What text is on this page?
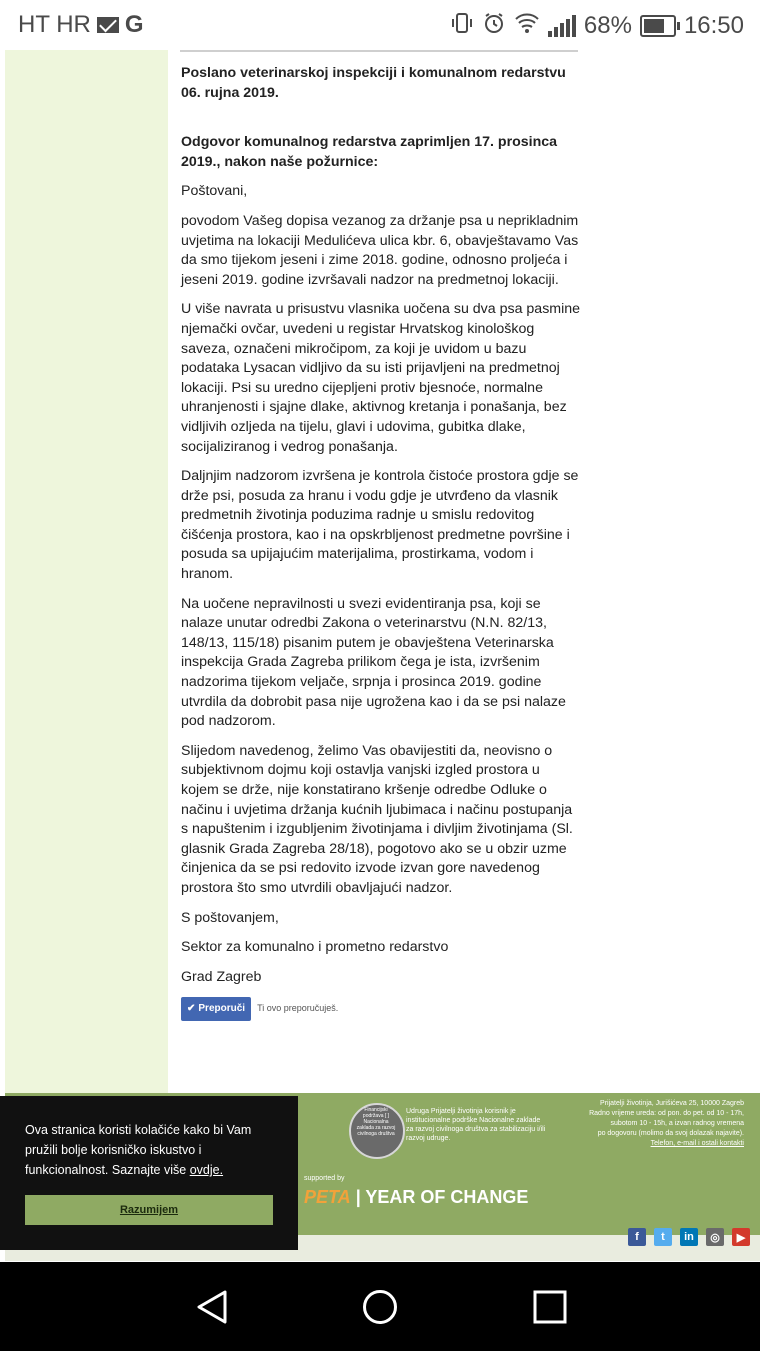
HT HR G	68% 16:50

Poslano veterinarskoj inspekciji i komunalnom redarstvu 06. rujna 2019.

Odgovor komunalnog redarstva zaprimljen 17. prosinca 2019., nakon naše požurnice:

Poštovani,

povodom Vašeg dopisa vezanog za držanje psa u neprikladnim uvjetima na lokaciji Medulićeva ulica kbr. 6, obavještavamo Vas da smo tijekom jeseni i zime 2018. godine, odnosno proljeća i jeseni 2019. godine izvršavali nadzor na predmetnoj lokaciji.

U više navrata u prisustvu vlasnika uočena su dva psa pasmine njemački ovčar, uvedeni u registar Hrvatskog kinološkog saveza, označeni mikročipom, za koji je uvidom u bazu podataka Lysacan vidljivo da su isti prijavljeni na predmetnoj lokaciji. Psi su uredno cijepljeni protiv bjesnoće, normalne uhranjenosti i sjajne dlake, aktivnog kretanja i ponašanja, bez vidljivih ozljeda na tijelu, glavi i udovima, gubitka dlake, socijaliziranog i vedrog ponašanja.

Daljnjim nadzorom izvršena je kontrola čistoće prostora gdje se drže psi, posuda za hranu i vodu gdje je utvrđeno da vlasnik predmetnih životinja poduzima radnje u smislu redovitog čišćenja prostora, kao i na opskrbljenost predmetne površine i posuda sa upijajućim materijalima, prostirkama, vodom i hranom.

Na uočene nepravilnosti u svezi evidentiranja psa, koji se nalaze unutar odredbi Zakona o veterinarstvu (N.N. 82/13, 148/13, 115/18) pisanim putem je obavještena Veterinarska inspekcija Grada Zagreba prilikom čega je ista, izvršenim nadzorima tijekom veljače, srpnja i prosinca 2019. godine utvrdila da dobrobit pasa nije ugrožena kao i da se psi nalaze pod nadzorom.

Slijedom navedenog, želimo Vas obavijestiti da, neovisno o subjektivnom dojmu koji ostavlja vanjski izgled prostora u kojem se drže, nije konstatirano kršenje odredbe Odluke o načinu i uvjetima držanja kućnih ljubimaca i načinu postupanja s napuštenim i izgubljenim životinjama i divljim životinjama (Sl. glasnik Grada Zagreba 28/18), pogotovo ako se u obzir uzme činjenica da se psi redovito izvode izvan gore navedenog prostora što smo utvrdili obavljajući nadzor.

S poštovanjem,

Sektor za komunalno i prometno redarstvo

Grad Zagreb

✔ Preporuči Ti ovo preporučuješ.
Financijski podržava [ ] Nacionalna zaklada za razvoj civilnoga društva
Udruga Prijatelji životinja korisnik je institucionalne podrške Nacionalne zaklade za razvoj civilnoga društva za stabilizaciju i/ili razvoj udruge.
Prijatelji životinja, Jurišićeva 25, 10000 Zagreb
Radno vrijeme ureda: od pon. do pet. od 10 - 17h,
subotom 10 - 15h, a izvan radnog vremena
po dogovoru (molimo da svoj dolazak najavite).
Telefon, e-mail i ostali kontakti
supported by
PETA | YEAR OF CHANGE
f	t	in	◎	▶
Ova stranica koristi kolačiće kako bi Vam pružili bolje korisničko iskustvo i funkcionalnost. Saznajte više ovdje.
Razumijem
